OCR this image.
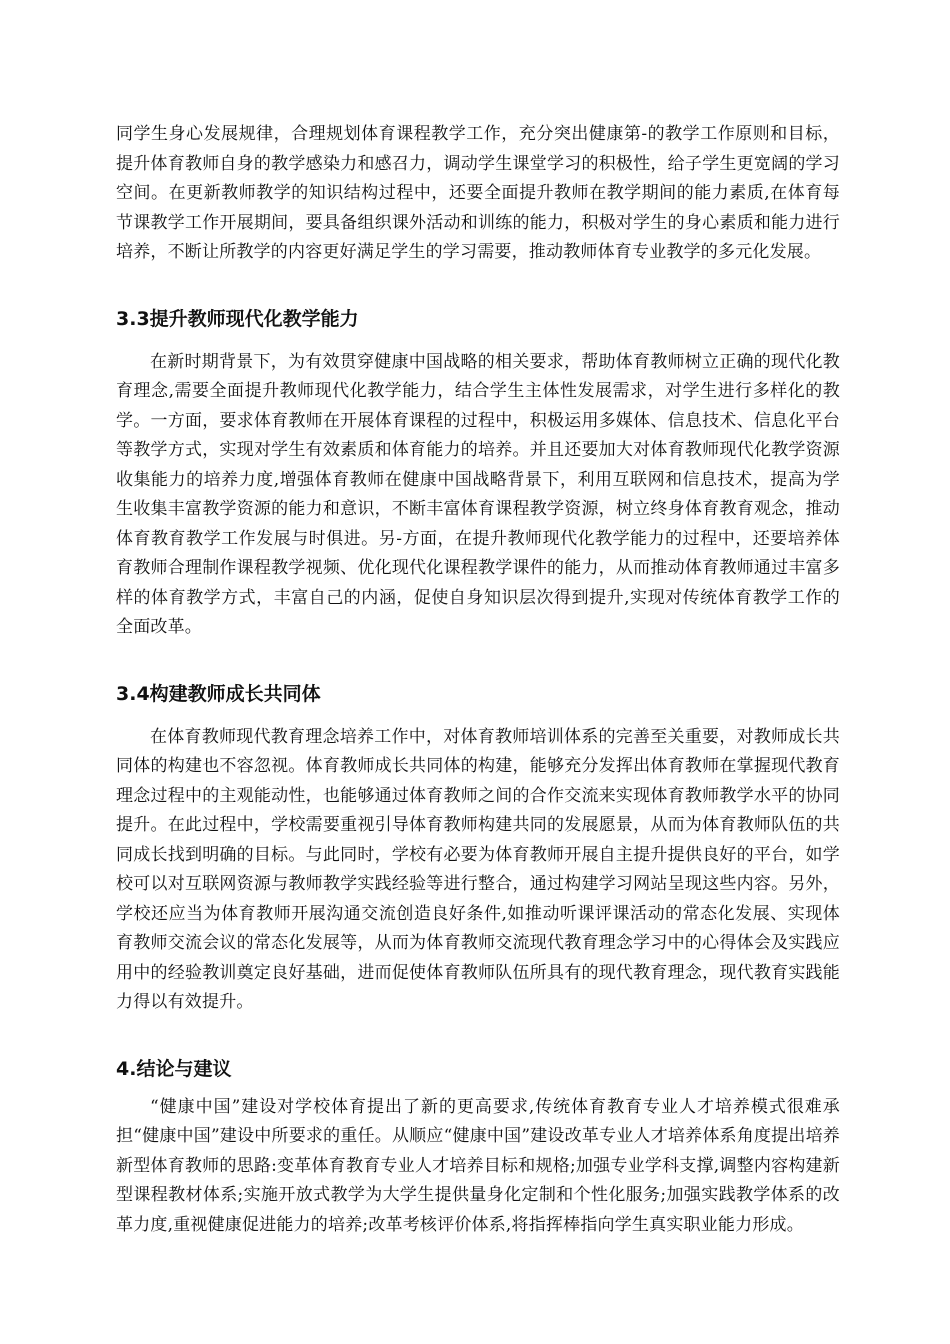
同学生身心发展规律，合理规划体育课程教学工作，充分突出健康第-的教学工作原则和目标，提升体育教师自身的教学感染力和感召力，调动学生课堂学习的积极性，给子学生更宽阔的学习空间。在更新教师教学的知识结构过程中，还要全面提升教师在教学期间的能力素质,在体育每节课教学工作开展期间，要具备组织课外活动和训练的能力，积极对学生的身心素质和能力进行培养，不断让所教学的内容更好满足学生的学习需要，推动教师体育专业教学的多元化发展。

3.3提升教师现代化教学能力

在新时期背景下，为有效贯穿健康中国战略的相关要求，帮助体育教师树立正确的现代化教育理念,需要全面提升教师现代化教学能力，结合学生主体性发展需求，对学生进行多样化的教学。一方面，要求体育教师在开展体育课程的过程中，积极运用多媒体、信息技术、信息化平台等教学方式，实现对学生有效素质和体育能力的培养。并且还要加大对体育教师现代化教学资源收集能力的培养力度,增强体育教师在健康中国战略背景下，利用互联网和信息技术，提高为学生收集丰富教学资源的能力和意识，不断丰富体育课程教学资源，树立终身体育教育观念，推动体育教育教学工作发展与时俱进。另-方面，在提升教师现代化教学能力的过程中，还要培养体育教师合理制作课程教学视频、优化现代化课程教学课件的能力，从而推动体育教师通过丰富多样的体育教学方式，丰富自己的内涵，促使自身知识层次得到提升,实现对传统体育教学工作的全面改革。

3.4构建教师成长共同体

在体育教师现代教育理念培养工作中，对体育教师培训体系的完善至关重要，对教师成长共同体的构建也不容忽视。体育教师成长共同体的构建，能够充分发挥出体育教师在掌握现代教育理念过程中的主观能动性，也能够通过体育教师之间的合作交流来实现体育教师教学水平的协同提升。在此过程中，学校需要重视引导体育教师构建共同的发展愿景，从而为体育教师队伍的共同成长找到明确的目标。与此同时，学校有必要为体育教师开展自主提升提供良好的平台，如学校可以对互联网资源与教师教学实践经验等进行整合，通过构建学习网站呈现这些内容。另外，学校还应当为体育教师开展沟通交流创造良好条件,如推动听课评课活动的常态化发展、实现体育教师交流会议的常态化发展等，从而为体育教师交流现代教育理念学习中的心得体会及实践应用中的经验教训奠定良好基础，进而促使体育教师队伍所具有的现代教育理念，现代教育实践能力得以有效提升。

4.结论与建议

“健康中国”建设对学校体育提出了新的更高要求,传统体育教育专业人才培养模式很难承担“健康中国”建设中所要求的重任。从顺应“健康中国”建设改革专业人才培养体系角度提出培养新型体育教师的思路:变革体育教育专业人才培养目标和规格;加强专业学科支撑,调整内容构建新型课程教材体系;实施开放式教学为大学生提供量身化定制和个性化服务;加强实践教学体系的改革力度,重视健康促进能力的培养;改革考核评价体系,将指挥棒指向学生真实职业能力形成。
